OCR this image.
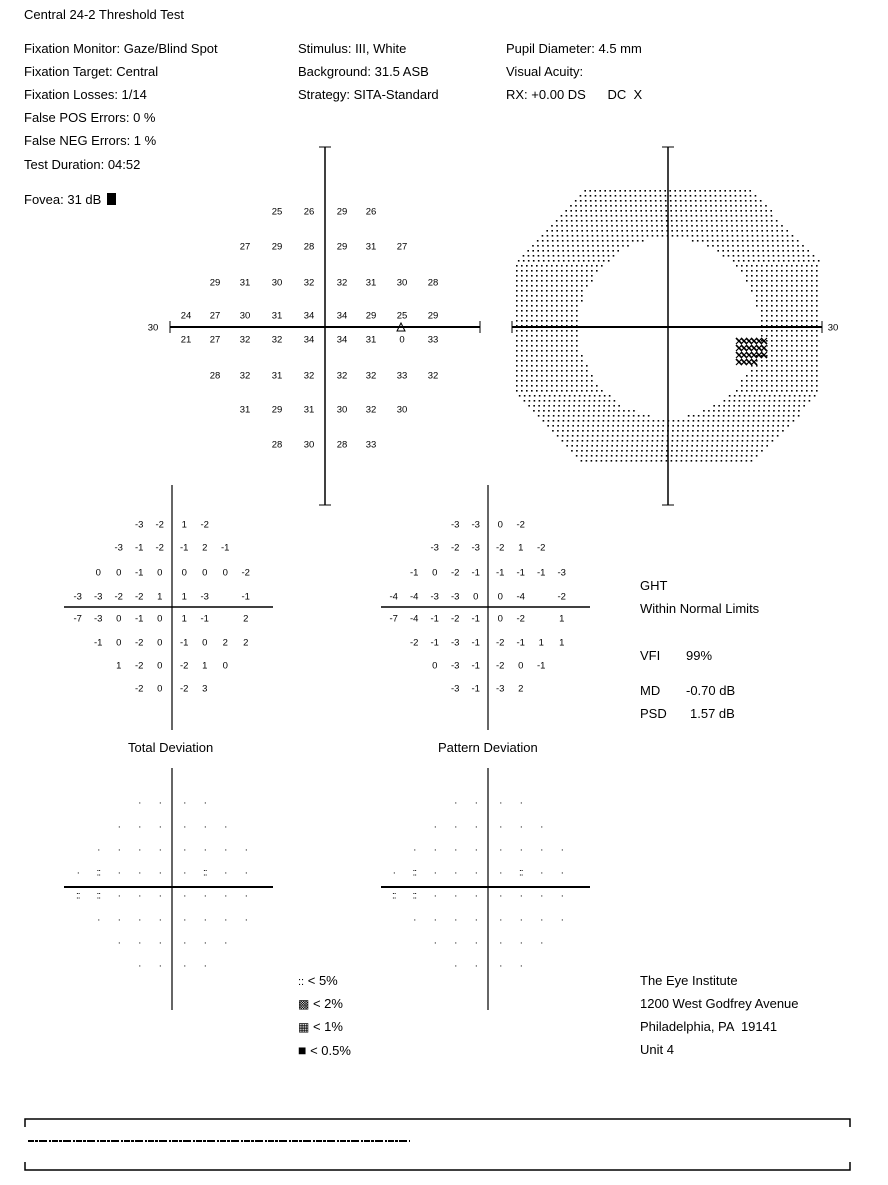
Central 24-2 Threshold Test
Fixation Monitor: Gaze/Blind Spot
Fixation Target: Central
Fixation Losses: 1/14
False POS Errors: 0 %
False NEG Errors: 1 %
Test Duration: 04:52
Stimulus: III, White
Background: 31.5 ASB
Strategy: SITA-Standard
Pupil Diameter: 4.5 mm
Visual Acuity:
RX: +0.00 DS      DC  X
Fovea: 31 dB
30	30
25 26 29 26
27 29 28 29 31 27
29 31 30 32 32 31 30 28
24 27 30 31 34 34 29 25 29
21 27 32 32 34 34 31 0 33
28 32 31 32 32 32 33 32
31 29 31 30 32 30
28 30 28 33
-3 -2 1 -2
-3 -1 -2 -1 2 -1
0 0 -1 0 0 0 0 -2
-3 -3 -2 -2 1 1 -3	-1
-7 -3 0 -1 0 1 -1	2
-1 0 -2 0 -1 0 2 2
1 -2 0 -2 1 0
-2 0 -2 3
-3 -3 0 -2
-3 -2 -3 -2 1 -2
-1 0 -2 -1 -1 -1 -1 -3
-4 -4 -3 -3 0 0 -4	-2
-7 -4 -1 -2 -1 0 -2	1
-2 -1 -3 -1 -2 -1 1 1
0 -3 -1 -2 0 -1
-3 -1 -3 2
· · · ·
· · · · · ·
· · · · · · · ·
· :: · · · · :: · ·
:: :: · · · · · · ·
· · · · · · · ·
· · · · · ·
· · · ·
· · · ·
· · · · · ·
· · · · · · · ·
· :: · · · · :: · ·
:: :: · · · · · · ·
· · · · · · · ·
· · · · · ·
· · · ·
Total Deviation	Pattern Deviation
GHT
Within Normal Limits
VFI 99%
MD -0.70 dB
PSD 1.57 dB
:: < 5%
▩ < 2%
▦ < 1%
■ < 0.5%
The Eye Institute
1200 West Godfrey Avenue
Philadelphia, PA  19141
Unit 4
